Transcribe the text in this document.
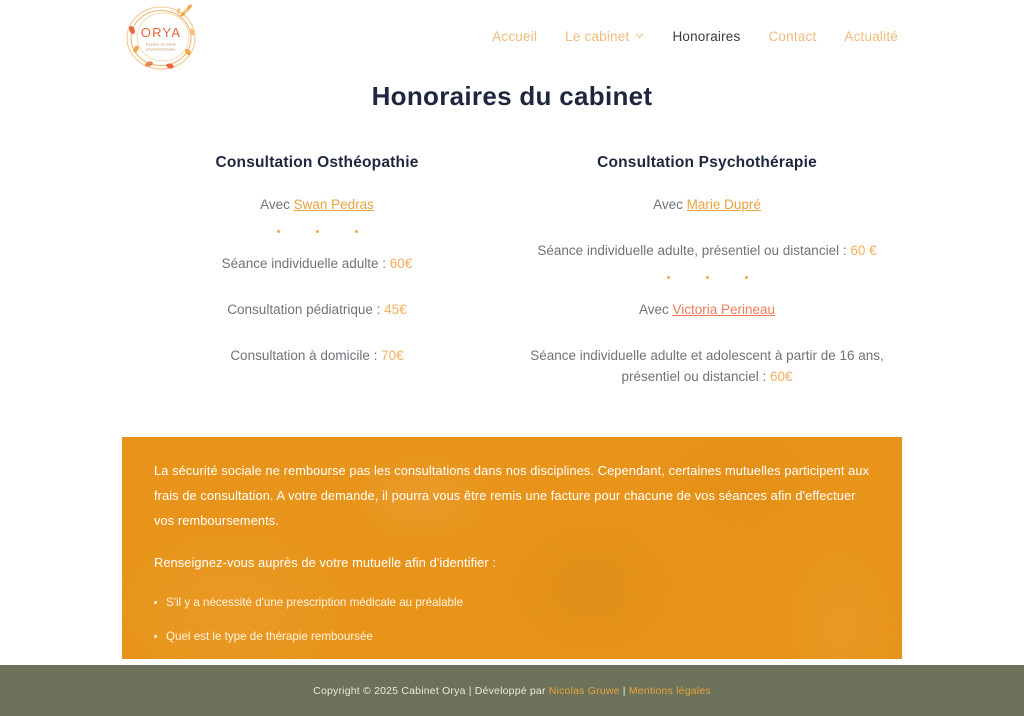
ORYA
Espace de santé
pluridisciplinaire
Accueil Le cabinet	Honoraires Contact Actualité
Honoraires du cabinet
Consultation Osthéopathie
Avec Swan Pedras
Séance individuelle adulte : 60€
Consultation pédiatrique : 45€
Consultation à domicile : 70€
Consultation Psychothérapie
Avec Marie Dupré
Séance individuelle adulte, présentiel ou distanciel : 60 €
Avec Victoria Perineau
Séance individuelle adulte et adolescent à partir de 16 ans,
présentiel ou distanciel : 60€

La sécurité sociale ne rembourse pas les consultations dans nos disciplines. Cependant, certaines mutuelles participent aux frais de consultation. A votre demande, il pourra vous être remis une facture pour chacune de vos séances afin d'effectuer vos remboursements.

Renseignez-vous auprès de votre mutuelle afin d'identifier :

S'il y a nécessité d'une prescription médicale au préalable
Quel est le type de thérapie remboursée
Copyright © 2025 Cabinet Orya | Développé par Nicolas Gruwe | Mentions légales
